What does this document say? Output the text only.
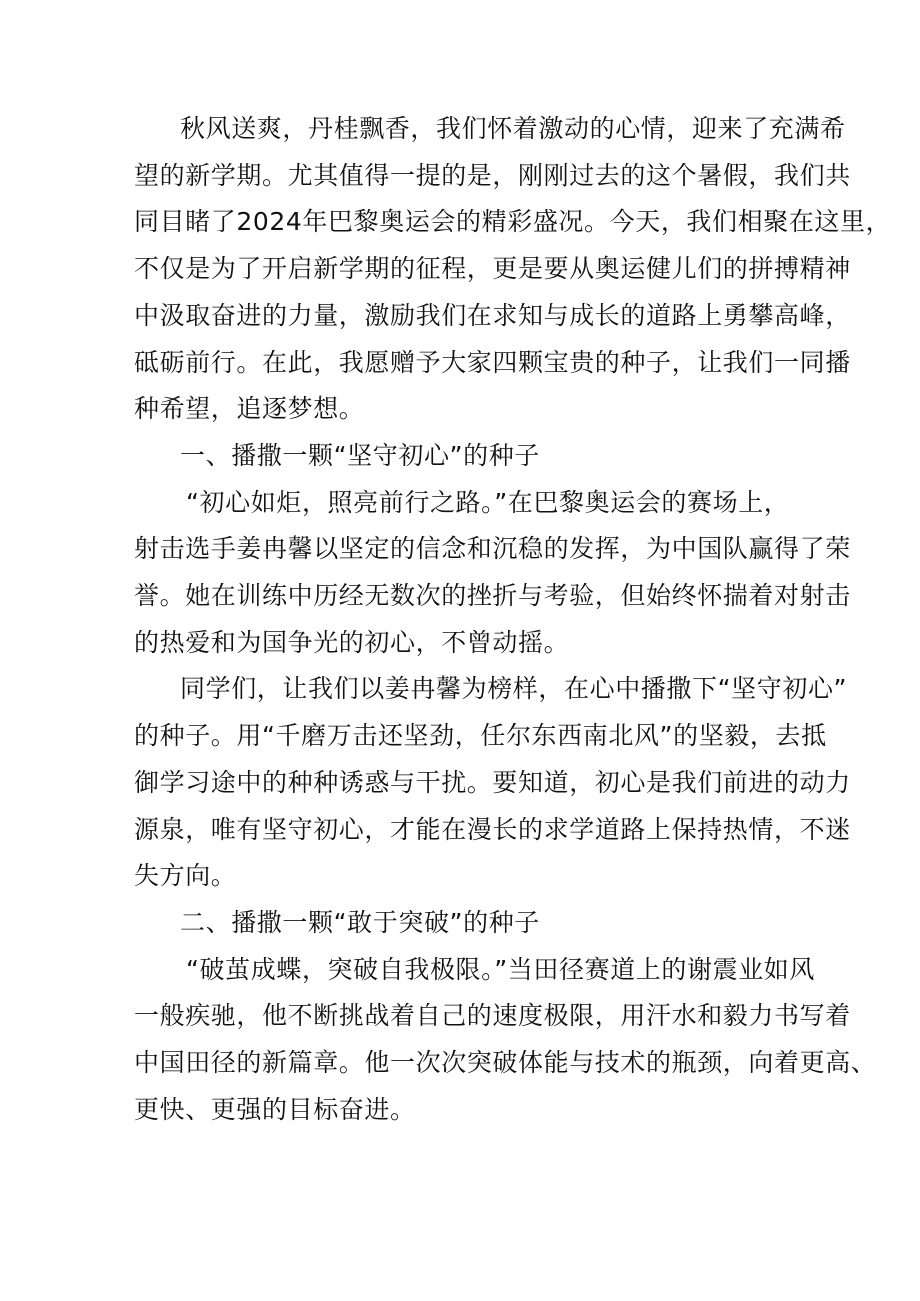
秋风送爽，丹桂飘香，我们怀着激动的心情，迎来了充满希
望的新学期。尤其值得一提的是，刚刚过去的这个暑假，我们共
同目睹了2024年巴黎奥运会的精彩盛况。今天，我们相聚在这里，
不仅是为了开启新学期的征程，更是要从奥运健儿们的拼搏精神
中汲取奋进的力量，激励我们在求知与成长的道路上勇攀高峰，
砥砺前行。在此，我愿赠予大家四颗宝贵的种子，让我们一同播
种希望，追逐梦想。
一、播撒一颗“坚守初心”的种子
“初心如炬，照亮前行之路。”在巴黎奥运会的赛场上，
射击选手姜冉馨以坚定的信念和沉稳的发挥，为中国队赢得了荣
誉。她在训练中历经无数次的挫折与考验，但始终怀揣着对射击
的热爱和为国争光的初心，不曾动摇。
同学们，让我们以姜冉馨为榜样，在心中播撒下“坚守初心”
的种子。用“千磨万击还坚劲，任尔东西南北风”的坚毅，去抵
御学习途中的种种诱惑与干扰。要知道，初心是我们前进的动力
源泉，唯有坚守初心，才能在漫长的求学道路上保持热情，不迷
失方向。
二、播撒一颗“敢于突破”的种子
“破茧成蝶，突破自我极限。”当田径赛道上的谢震业如风
一般疾驰，他不断挑战着自己的速度极限，用汗水和毅力书写着
中国田径的新篇章。他一次次突破体能与技术的瓶颈，向着更高、
更快、更强的目标奋进。
